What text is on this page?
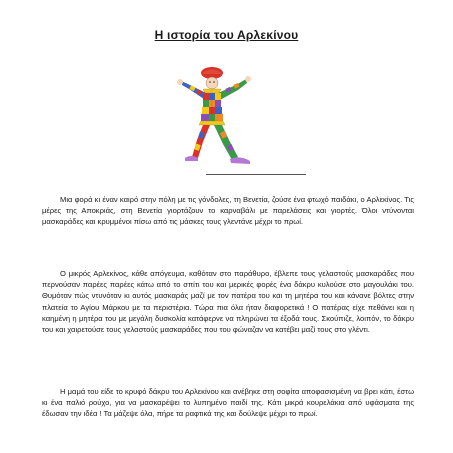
Η ιστορία του Αρλεκίνου

Μια φορά κι έναν καιρό στην πόλη με τις γόνδολες, τη Βενετία, ζούσε ένα φτωχό παιδάκι, ο Αρλεκίνος. Τις μέρες της Αποκριάς, στη Βενετία γιορτάζουν το καρναβάλι με παρελάσεις και γιορτές. Όλοι ντύνονται μασκαράδες και κρυμμένοι πίσω από τις μάσκες τους γλεντάνε μέχρι το πρωί.

Ο μικρός Αρλεκίνος, κάθε απόγευμα, καθόταν στο παράθυρο, έβλεπε τους γελαστούς μασκαράδες που περνούσαν παρέες παρέες κάτω από το σπίτι του και μερικές φορές ένα δάκρυ κυλούσε στο μαγουλάκι του. Θυμόταν πώς ντυνόταν κι αυτός μασκαράς μαζί με τον πατέρα του και τη μητέρα του και κάνανε βόλτες στην πλατεία το Αγίου Μάρκου με τα περιστέρια. Τώρα πια όλα ήταν διαφορετικά ! Ο πατέρας είχε πεθάνει και η καημένη η μητέρα του με μεγάλη δυσκολία κατάφερνε να πληρώνει τα έξοδά τους. Σκούπιζε, λοιπόν, το δάκρυ του και χαιρετούσε τους γελαστούς μασκαράδες που του φώναζαν να κατέβει μαζί τους στο γλέντι.

Η μαμά του είδε το κρυφό δάκρυ του Αρλεκίνου και ανέβηκε στη σοφίτα αποφασισμένη να βρει κάτι, έστω κι ένα παλιό ρούχο, για να μασκαρέψει το λυπημένο παιδί της. Κάτι μικρά κουρελάκια από υφάσματα της έδωσαν την ιδέα ! Τα μάζεψε όλα, πήρε τα ραφτικά της και δούλεψε μέχρι το πρωί.
